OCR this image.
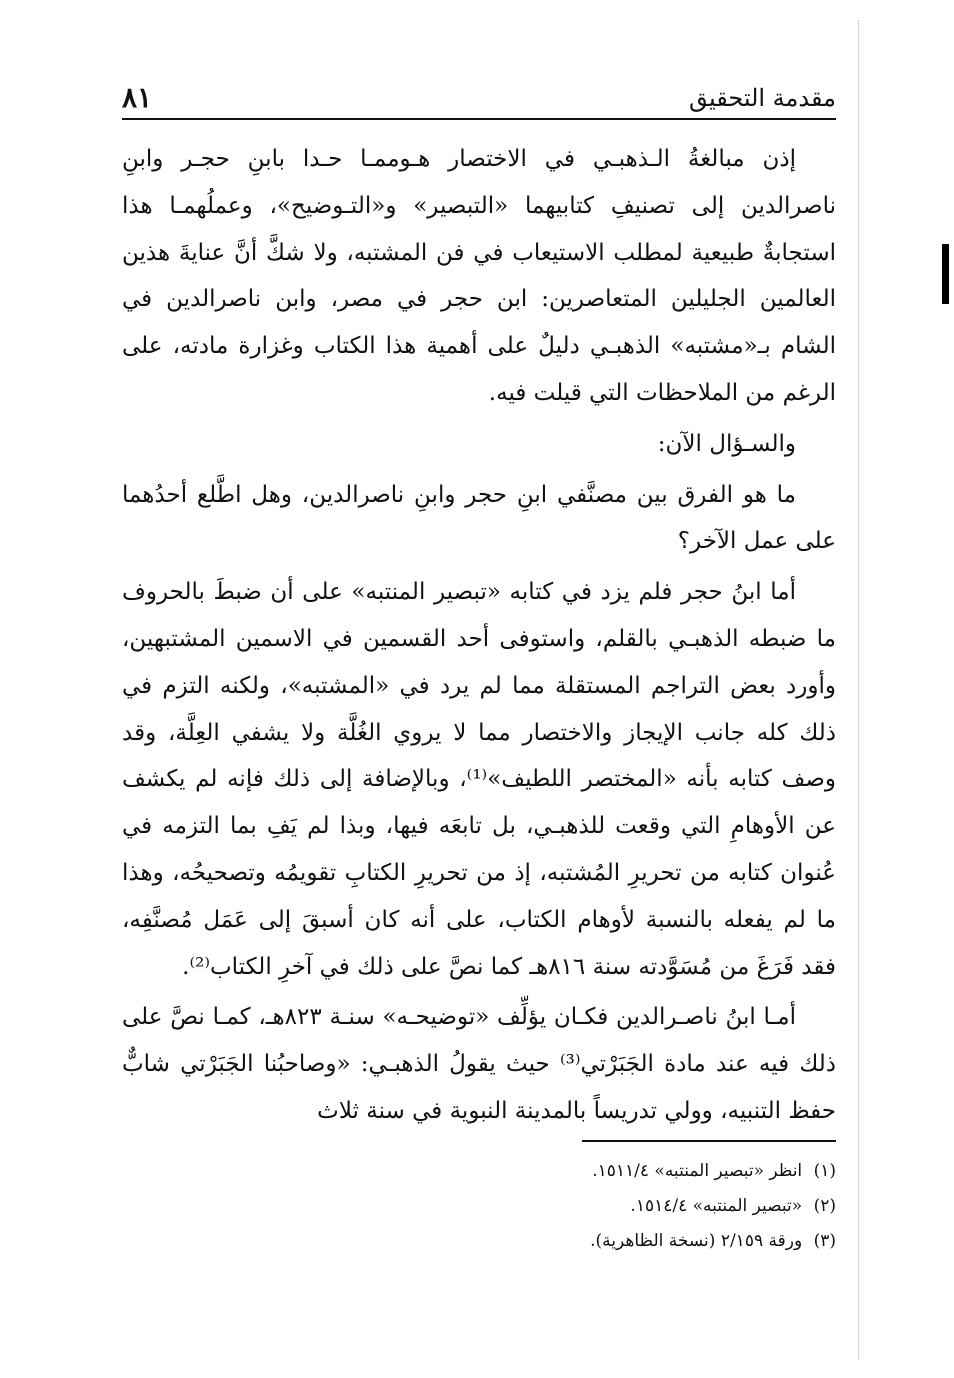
مقدمة التحقيق
٨١

إذن مبالغةُ الـذهبـي في الاختصار هـوممـا حـدا بابنِ حجـر وابنِ ناصرالدين إلى تصنيفِ كتابيهما «التبصير» و«التـوضيح»، وعملُهمـا هذا استجابةٌ طبيعية لمطلب الاستيعاب في فن المشتبه، ولا شكَّ أنَّ عنايةَ هذين العالمين الجليلين المتعاصرين: ابن حجر في مصر، وابن ناصرالدين في الشام بـ«مشتبه» الذهبـي دليلٌ على أهمية هذا الكتاب وغزارة مادته، على الرغم من الملاحظات التي قيلت فيه.

والسـؤال الآن:

ما هو الفرق بين مصنَّفي ابنِ حجر وابنِ ناصرالدين، وهل اطَّلع أحدُهما على عمل الآخر؟

أما ابنُ حجر فلم يزد في كتابه «تبصير المنتبه» على أن ضبطَ بالحروف ما ضبطه الذهبـي بالقلم، واستوفى أحد القسمين في الاسمين المشتبهين، وأورد بعض التراجم المستقلة مما لم يرد في «المشتبه»، ولكنه التزم في ذلك كله جانب الإيجاز والاختصار مما لا يروي الغُلَّة ولا يشفي العِلَّة، وقد وصف كتابه بأنه «المختصر اللطيف»⁽¹⁾، وبالإضافة إلى ذلك فإنه لم يكشف عن الأوهامِ التي وقعت للذهبـي، بل تابعَه فيها، وبذا لم يَفِ بما التزمه في عُنوان كتابه من تحريرِ المُشتبه، إذ من تحريرِ الكتابِ تقويمُه وتصحيحُه، وهذا ما لم يفعله بالنسبة لأوهام الكتاب، على أنه كان أسبقَ إلى عَمَل مُصنَّفِه، فقد فَرَغَ من مُسَوَّدته سنة ٨١٦هـ كما نصَّ على ذلك في آخرِ الكتاب⁽²⁾.

أمـا ابنُ ناصـرالدين فكـان يؤلِّف «توضيحـه» سنـة ٨٢٣هـ، كمـا نصَّ على ذلك فيه عند مادة الجَبَرْتي⁽³⁾ حيث يقولُ الذهبـي: «وصاحبُنا الجَبَرْتي شابٌّ حفظ التنبيه، وولي تدريساً بالمدينة النبوية في سنة ثلاث

(١) انظر «تبصير المنتبه» ١٥١١/٤.

(٢) «تبصير المنتبه» ١٥١٤/٤.

(٣) ورقة ٢/١٥٩ (نسخة الظاهرية).
